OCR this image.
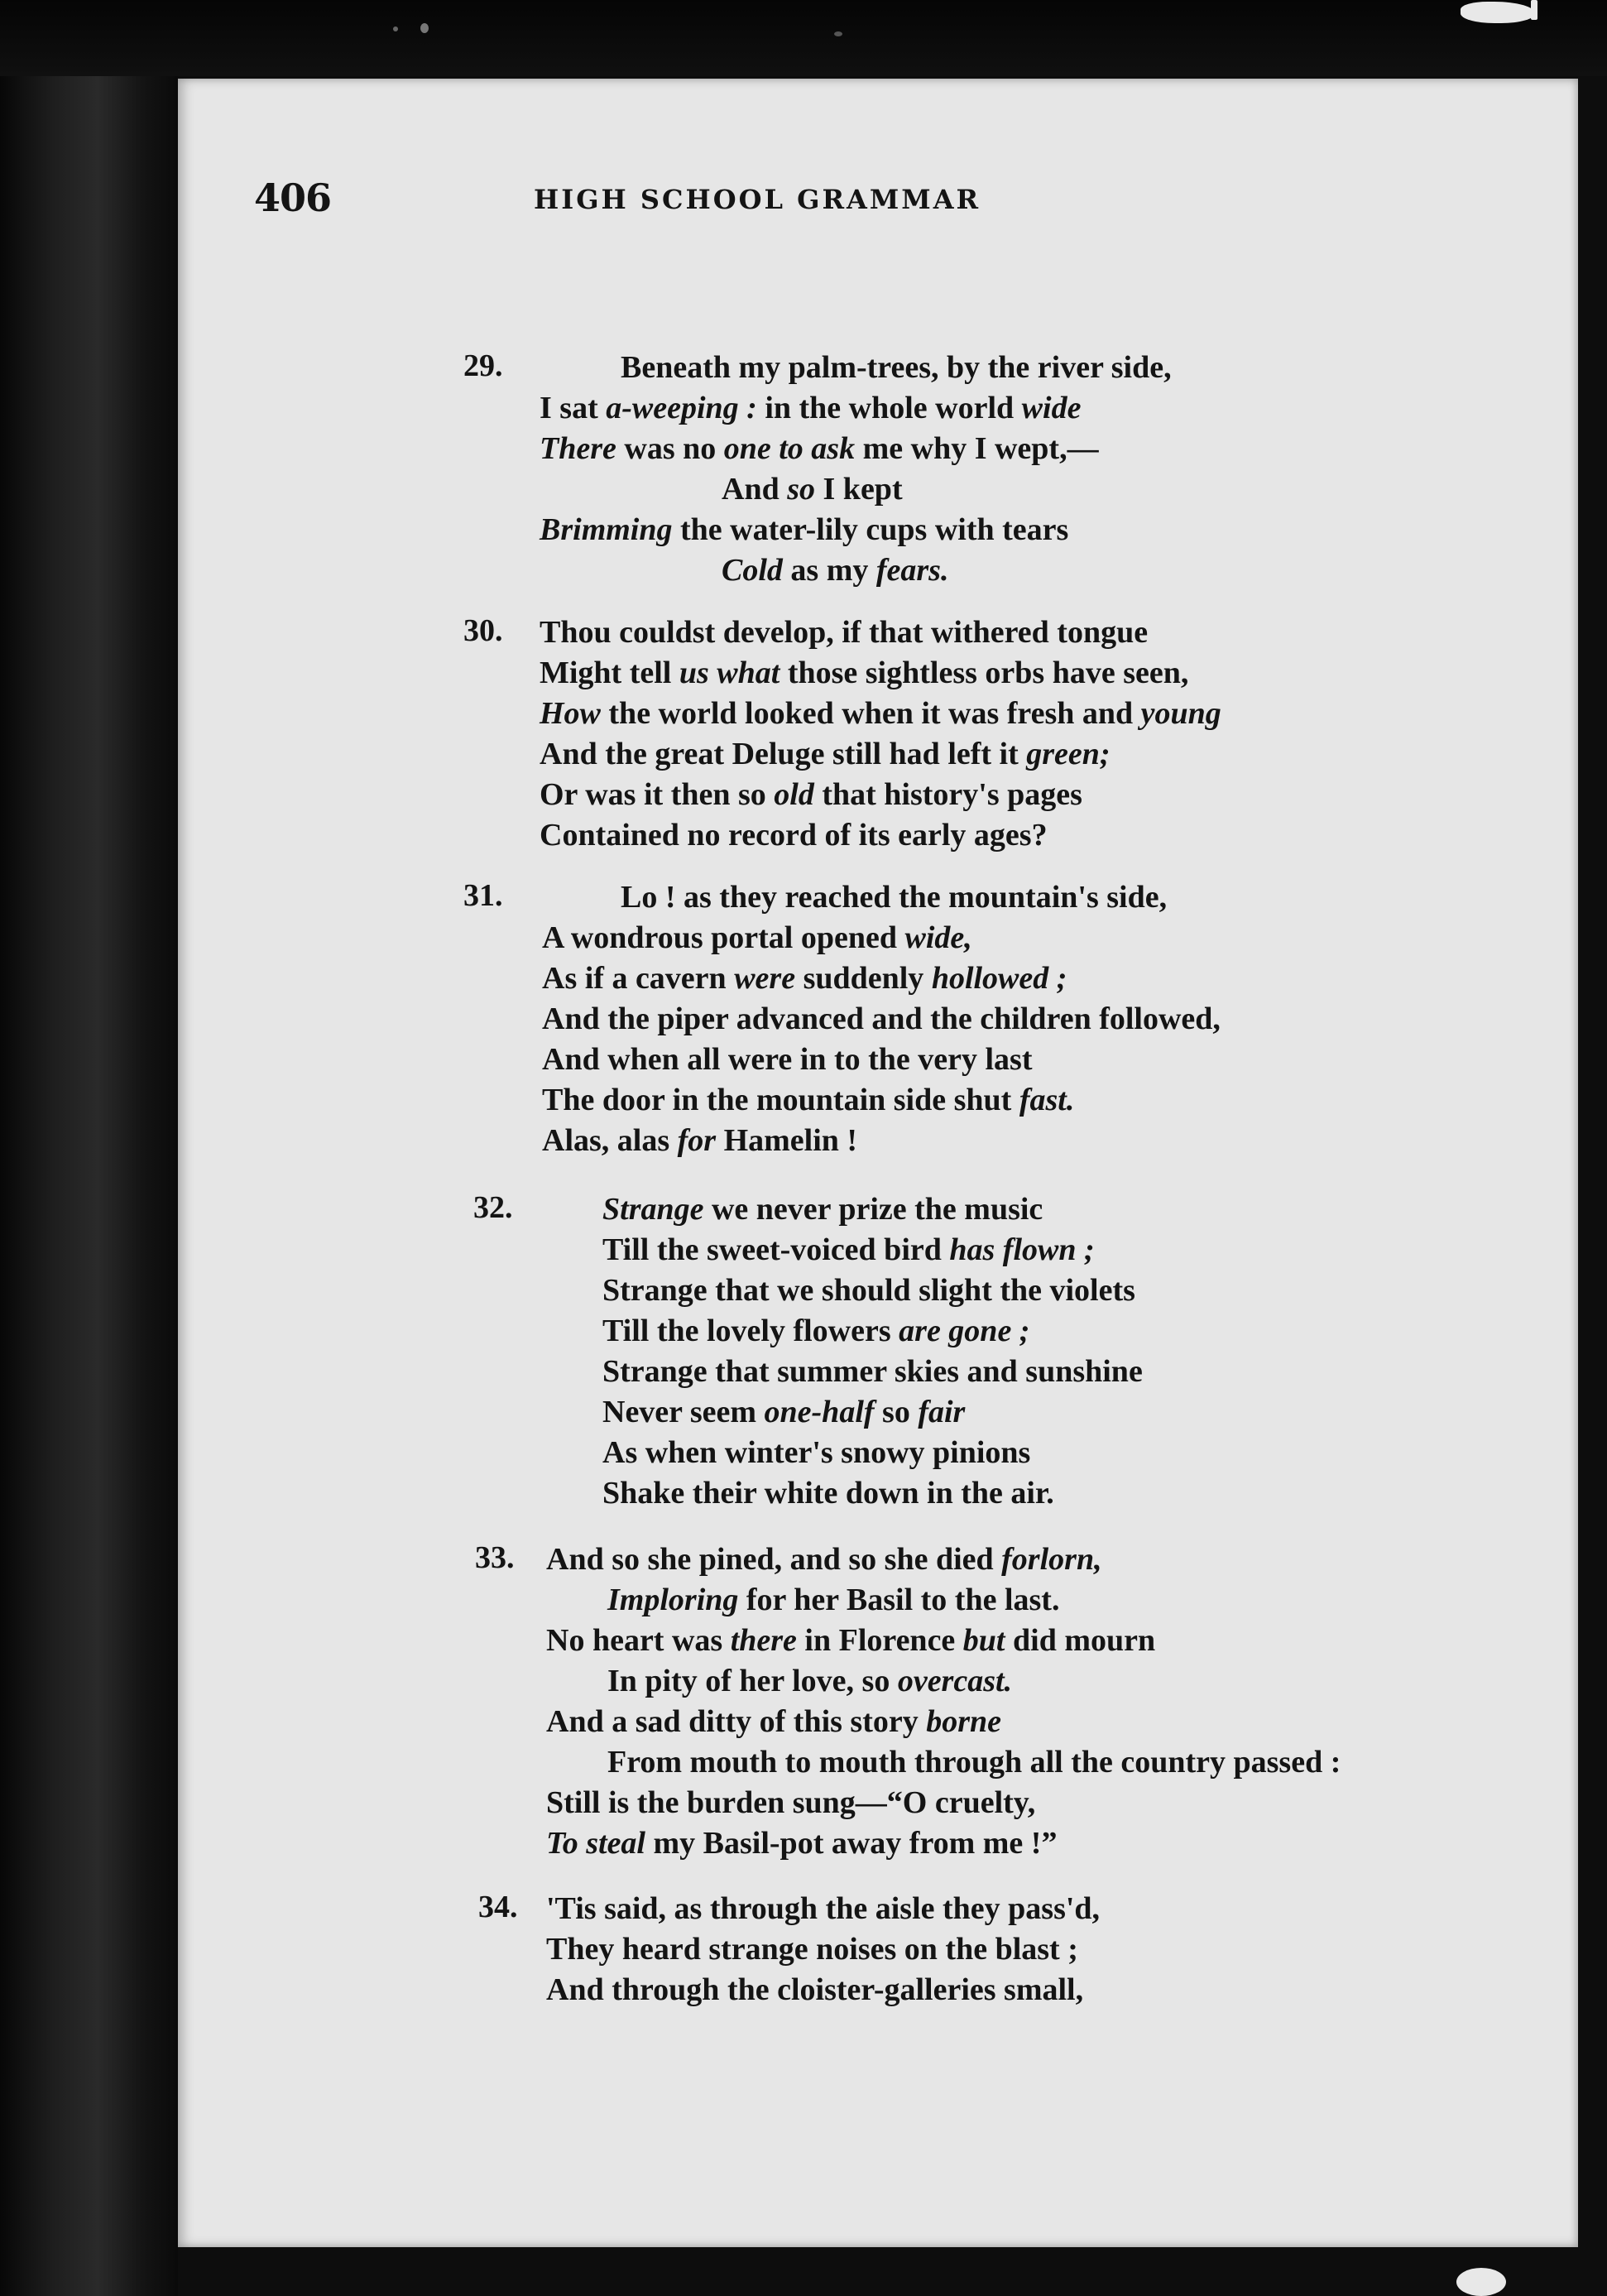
406	HIGH SCHOOL GRAMMAR
29.	Beneath my palm-trees, by the river side,
I sat a-weeping : in the whole world wide
There was no one to ask me why I wept,—
And so I kept
Brimming the water-lily cups with tears
Cold as my fears.
30. Thou couldst develop, if that withered tongue
Might tell us what those sightless orbs have seen,
How the world looked when it was fresh and young
And the great Deluge still had left it green;
Or was it then so old that history's pages
Contained no record of its early ages?
31.	Lo ! as they reached the mountain's side,
A wondrous portal opened wide,
As if a cavern were suddenly hollowed ;
And the piper advanced and the children followed,
And when all were in to the very last
The door in the mountain side shut fast.
Alas, alas for Hamelin !
32.	Strange we never prize the music
Till the sweet-voiced bird has flown ;
Strange that we should slight the violets
Till the lovely flowers are gone ;
Strange that summer skies and sunshine
Never seem one-half so fair
As when winter's snowy pinions
Shake their white down in the air.
33. And so she pined, and so she died forlorn,
Imploring for her Basil to the last.
No heart was there in Florence but did mourn
In pity of her love, so overcast.
And a sad ditty of this story borne
From mouth to mouth through all the country passed :
Still is the burden sung—“O cruelty,
To steal my Basil-pot away from me !”
34. 'Tis said, as through the aisle they pass'd,
They heard strange noises on the blast ;
And through the cloister-galleries small,
